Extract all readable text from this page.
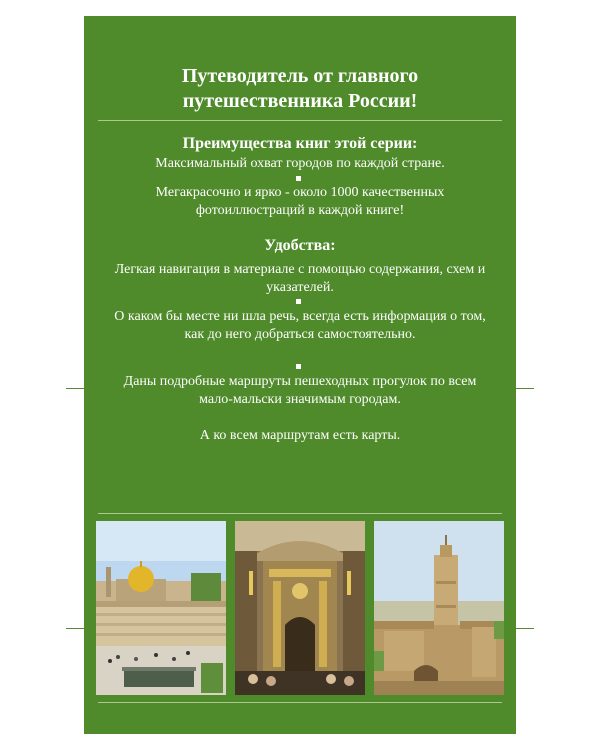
Путеводитель от главного
путешественника России!
Преимущества книг этой серии:
Максимальный охват городов по каждой стране.
Мегакрасочно и ярко - около 1000 качественных фотоиллюстраций в каждой книге!
Удобства:
Легкая навигация в материале с помощью содержания, схем и указателей.
О каком бы месте ни шла речь, всегда есть информация о том, как до него добраться самостоятельно.
Даны подробные маршруты пешеходных прогулок по всем мало-мальски значимым городам.
А ко всем маршрутам есть карты.
